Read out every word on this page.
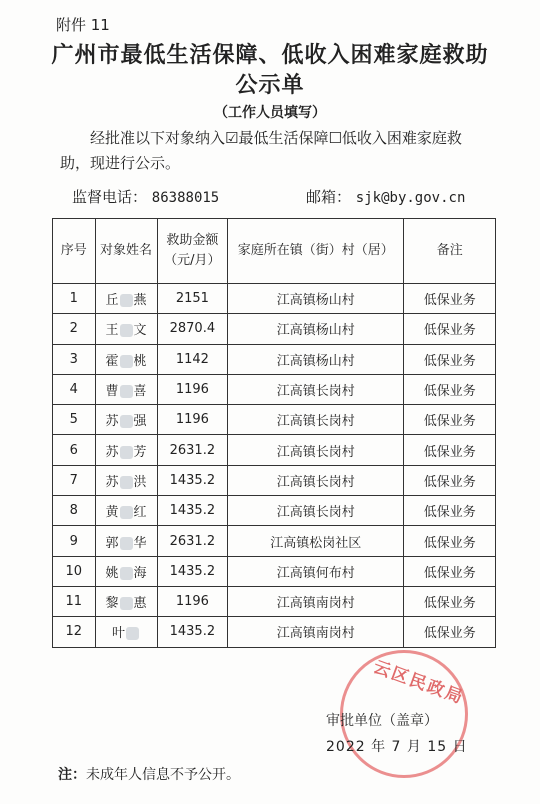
附件 11
广州市最低生活保障、低收入困难家庭救助
公示单
（工作人员填写）
经批准以下对象纳入☑最低生活保障☐低收入困难家庭救助，现进行公示。
监督电话： 86388015	邮箱： sjk@by.gov.cn
序号	对象姓名	救助金额（元/月）	家庭所在镇（街）村（居）	备注
1	丘 燕	2151	江高镇杨山村	低保业务
2	王 文	2870.4	江高镇杨山村	低保业务
3	霍 桃	1142	江高镇杨山村	低保业务
4	曹 喜	1196	江高镇长岗村	低保业务
5	苏 强	1196	江高镇长岗村	低保业务
6	苏 芳	2631.2	江高镇长岗村	低保业务
7	苏 洪	1435.2	江高镇长岗村	低保业务
8	黄 红	1435.2	江高镇长岗村	低保业务
9	郭 华	2631.2	江高镇松岗社区	低保业务
10	姚 海	1435.2	江高镇何布村	低保业务
11	黎 惠	1196	江高镇南岗村	低保业务
12	叶	1435.2	江高镇南岗村	低保业务
云区民政局
审批单位（盖章）
2022 年 7 月 15 日
注：未成年人信息不予公开。
